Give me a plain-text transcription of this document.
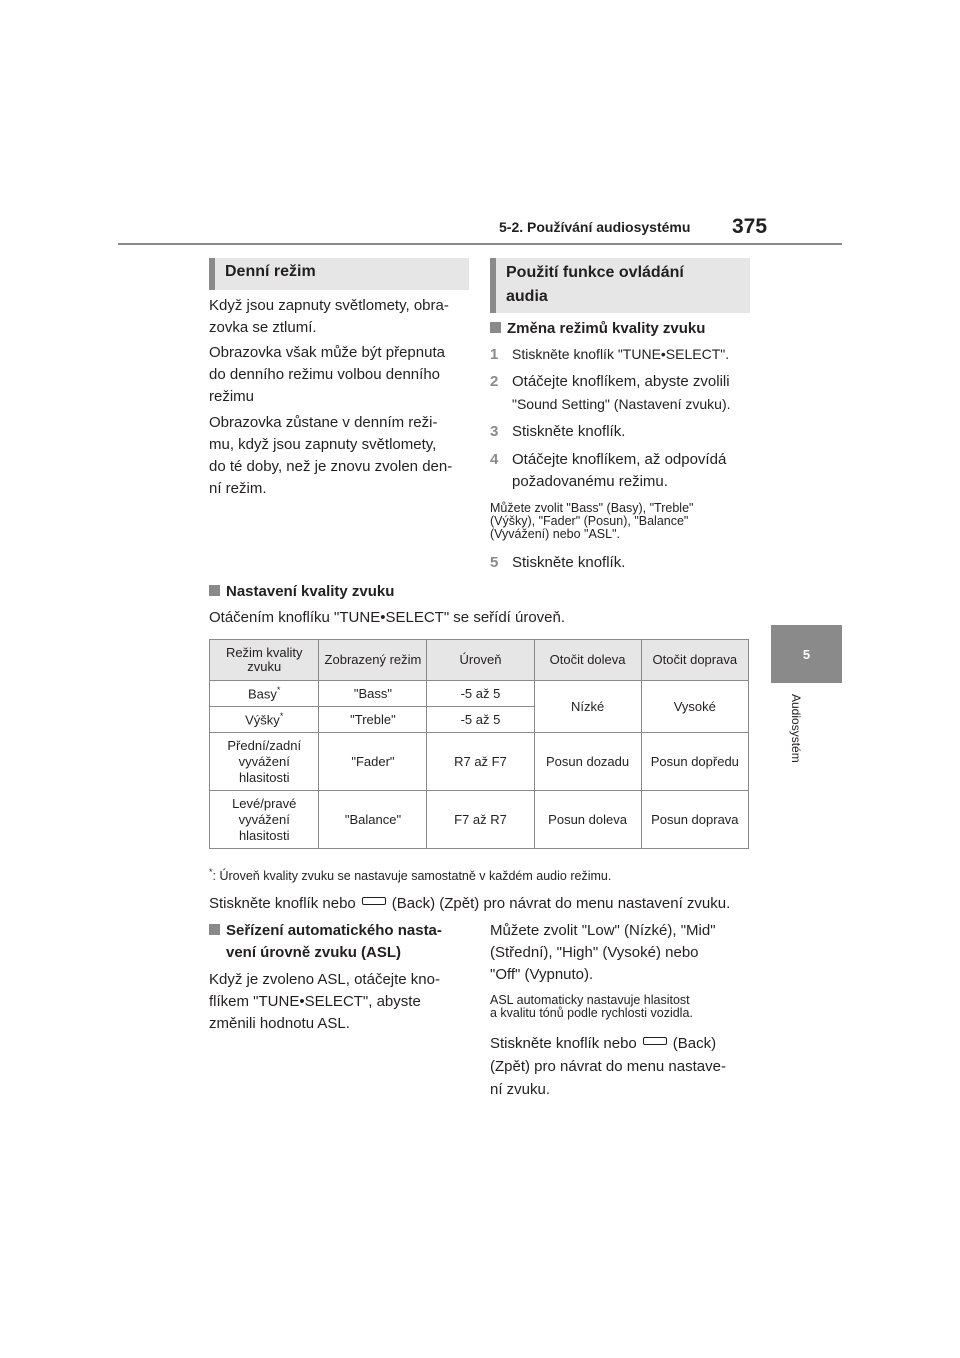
5-2. Používání audiosystému 375
5
Audiosystém
Denní režim
Když jsou zapnuty světlomety, obra-
zovka se ztlumí.
Obrazovka však může být přepnuta
do denního režimu volbou denního
režimu
Obrazovka zůstane v denním reži-
mu, když jsou zapnuty světlomety,
do té doby, než je znovu zvolen den-
ní režim.
Použití funkce ovládání
audia
Změna režimů kvality zvuku
1 Stiskněte knoflík "TUNE•SELECT".
2 Otáčejte knoflíkem, abyste zvolili
"Sound Setting" (Nastavení zvuku).
3 Stiskněte knoflík.
4 Otáčejte knoflíkem, až odpovídá
požadovanému režimu.
Můžete zvolit "Bass" (Basy), "Treble"
(Výšky), "Fader" (Posun), "Balance"
(Vyvážení) nebo "ASL".
5 Stiskněte knoflík.
Nastavení kvality zvuku
Otáčením knoflíku "TUNE•SELECT" se seřídí úroveň.
Režim kvality zvuku	Zobrazený režim	Úroveň	Otočit doleva	Otočit doprava
Basy*	"Bass"	-5 až 5	Nízké	Vysoké
Výšky*	"Treble"	-5 až 5		
Přední/zadní vyvážení hlasitosti	"Fader"	R7 až F7	Posun dozadu	Posun dopředu
Levé/pravé vyvážení hlasitosti	"Balance"	F7 až R7	Posun doleva	Posun doprava
*: Úroveň kvality zvuku se nastavuje samostatně v každém audio režimu.
Stiskněte knoflík nebo (Back) (Zpět) pro návrat do menu nastavení zvuku.
Seřízení automatického nasta-
vení úrovně zvuku (ASL)
Když je zvoleno ASL, otáčejte kno-
flíkem "TUNE•SELECT", abyste
změnili hodnotu ASL.
Můžete zvolit "Low" (Nízké), "Mid"
(Střední), "High" (Vysoké) nebo
"Off" (Vypnuto).
ASL automaticky nastavuje hlasitost
a kvalitu tónů podle rychlosti vozidla.
Stiskněte knoflík nebo (Back)
(Zpět) pro návrat do menu nastave-
ní zvuku.
